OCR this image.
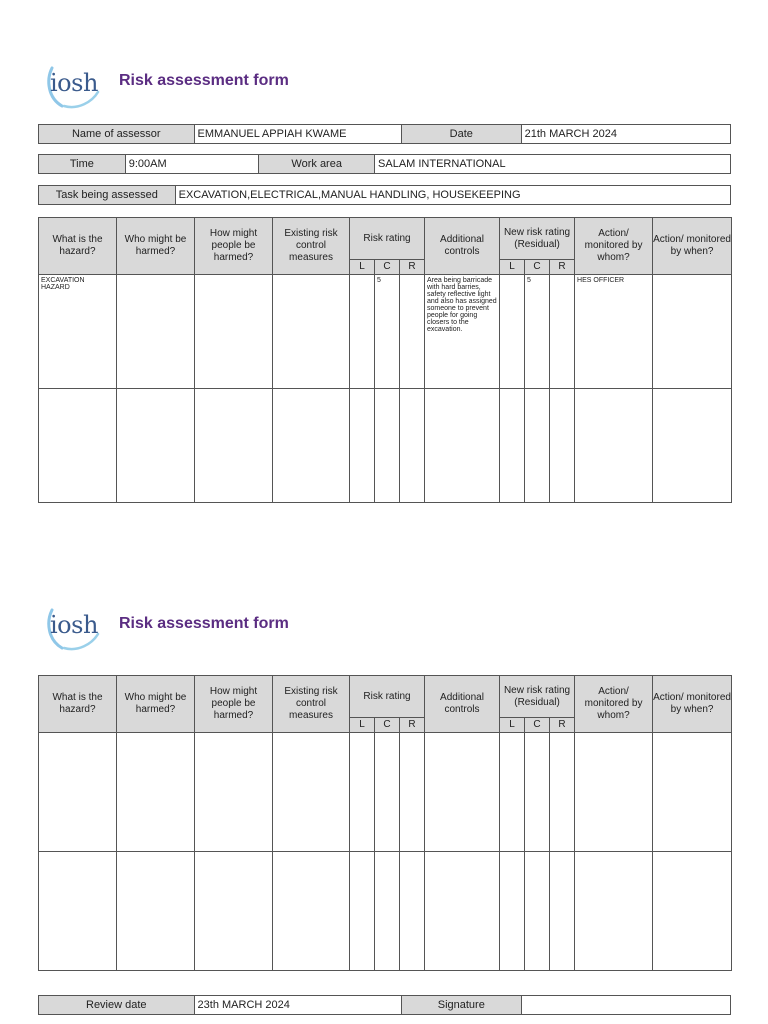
iosh Risk assessment form
Name of assessor	EMMANUEL APPIAH KWAME	Date	21th MARCH 2024
Time	9:00AM	Work area	SALAM INTERNATIONAL
Task being assessed	EXCAVATION,ELECTRICAL,MANUAL HANDLING, HOUSEKEEPING
What is the hazard?	Who might be harmed?	How might people be harmed?	Existing risk control measures	Risk rating			Additional controls	New risk rating (Residual)			Action/ monitored by whom?	Action/ monitored by when?
				L	C	R		L	C	R		
EXCAVATION HAZARD					5		Area being barricade with hard barries, safety reflective light and also has assigned someone to prevent people for going closers to the excavation.		5		HES OFFICER	

iosh Risk assessment form
What is the hazard?	Who might be harmed?	How might people be harmed?	Existing risk control measures	Risk rating			Additional controls	New risk rating (Residual)			Action/ monitored by whom?	Action/ monitored by when?
				L	C	R		L	C	R		

Review date	23th MARCH 2024	Signature
